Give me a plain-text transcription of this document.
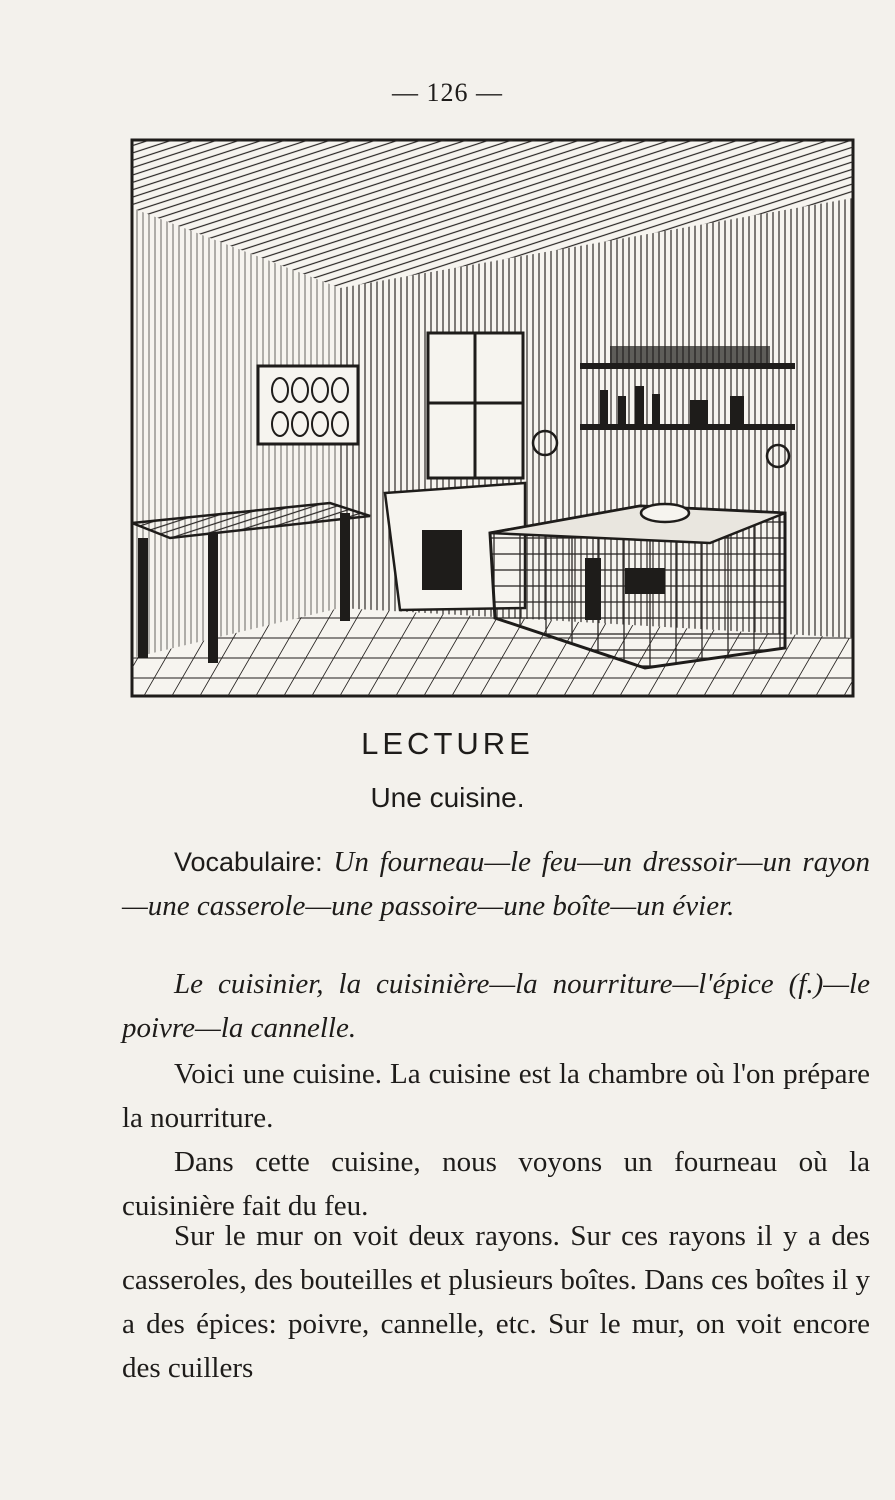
— 126 —
LECTURE
Une cuisine.
Vocabulaire: Un fourneau—le feu—un dressoir—un rayon—une casserole—une passoire—une boîte—un évier.
Le cuisinier, la cuisinière—la nourriture—l'épice (f.)—le poivre—la cannelle.
Voici une cuisine. La cuisine est la chambre où l'on prépare la nourriture.
Dans cette cuisine, nous voyons un fourneau où la cuisinière fait du feu.
Sur le mur on voit deux rayons. Sur ces rayons il y a des casseroles, des bouteilles et plusieurs boîtes. Dans ces boîtes il y a des épices: poivre, cannelle, etc. Sur le mur, on voit encore des cuillers
